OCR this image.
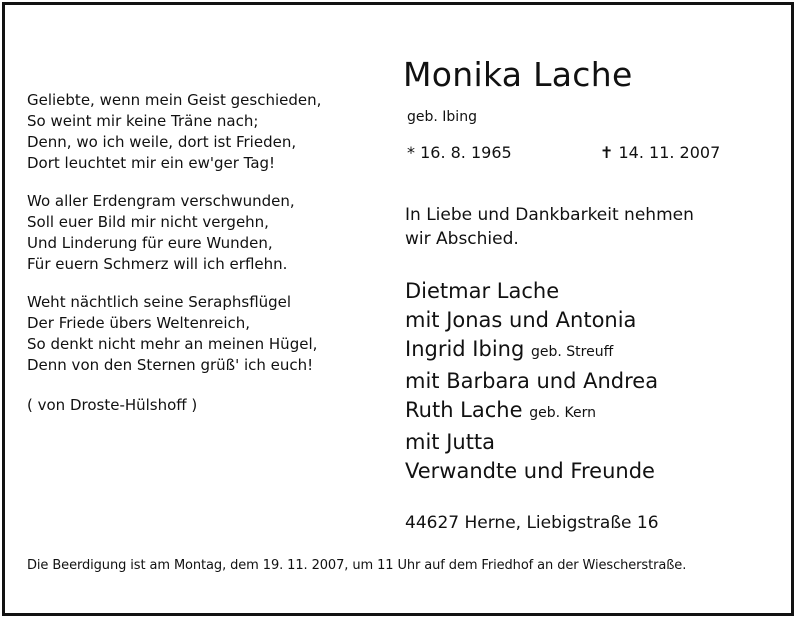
Geliebte, wenn mein Geist geschieden,
So weint mir keine Träne nach;
Denn, wo ich weile, dort ist Frieden,
Dort leuchtet mir ein ew'ger Tag!
Wo aller Erdengram verschwunden,
Soll euer Bild mir nicht vergehn,
Und Linderung für eure Wunden,
Für euern Schmerz will ich erflehn.
Weht nächtlich seine Seraphsflügel
Der Friede übers Weltenreich,
So denkt nicht mehr an meinen Hügel,
Denn von den Sternen grüß' ich euch!
( von Droste-Hülshoff )
Monika Lache
geb. Ibing
* 16. 8. 1965	✝ 14. 11. 2007
In Liebe und Dankbarkeit nehmen
wir Abschied.
Dietmar Lache
mit Jonas und Antonia
Ingrid Ibing geb. Streuff
mit Barbara und Andrea
Ruth Lache geb. Kern
mit Jutta
Verwandte und Freunde
44627 Herne, Liebigstraße 16
Die Beerdigung ist am Montag, dem 19. 11. 2007, um 11 Uhr auf dem Friedhof an der Wiescherstraße.
